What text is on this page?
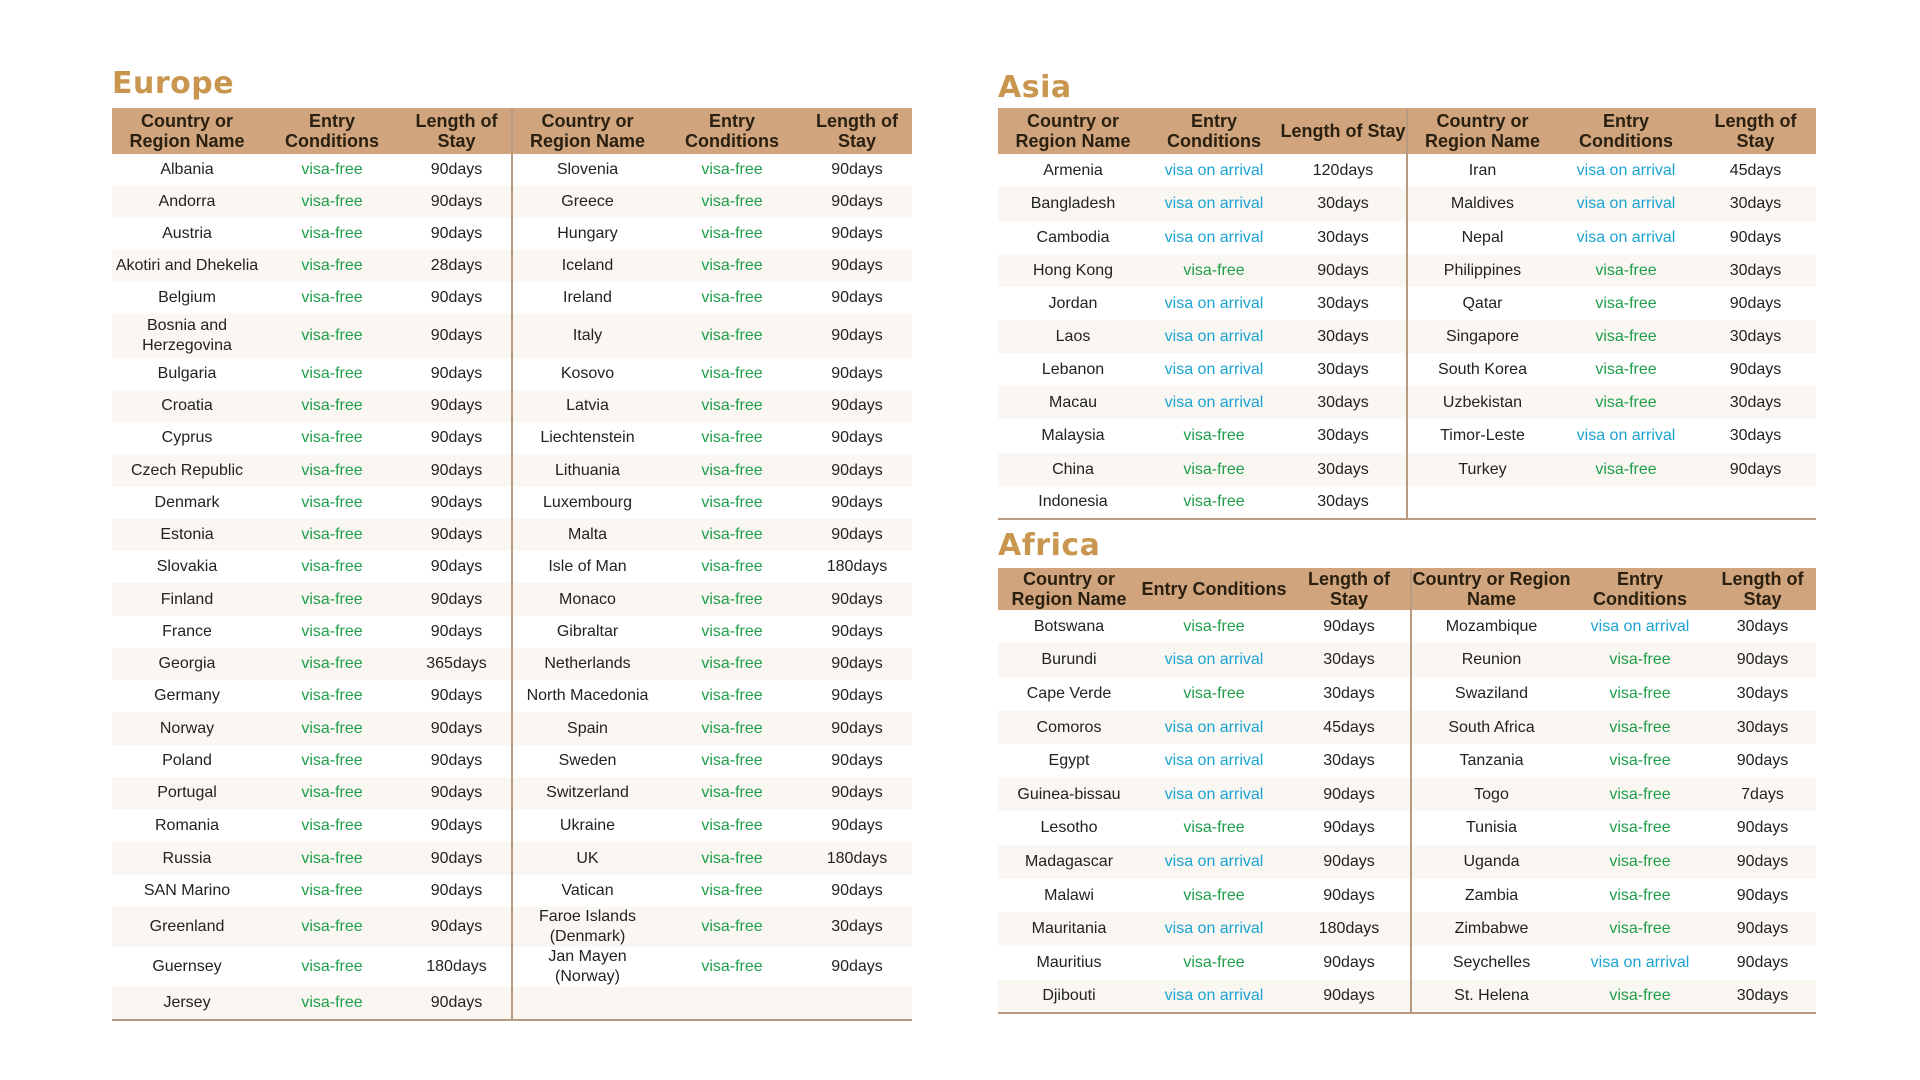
Europe
Country or Region Name	Entry Conditions	Length of Stay	Country or Region Name	Entry Conditions	Length of Stay
Albania	visa-free	90days	Slovenia	visa-free	90days
Andorra	visa-free	90days	Greece	visa-free	90days
Austria	visa-free	90days	Hungary	visa-free	90days
Akotiri and Dhekelia	visa-free	28days	Iceland	visa-free	90days
Belgium	visa-free	90days	Ireland	visa-free	90days
Bosnia and Herzegovina	visa-free	90days	Italy	visa-free	90days
Bulgaria	visa-free	90days	Kosovo	visa-free	90days
Croatia	visa-free	90days	Latvia	visa-free	90days
Cyprus	visa-free	90days	Liechtenstein	visa-free	90days
Czech Republic	visa-free	90days	Lithuania	visa-free	90days
Denmark	visa-free	90days	Luxembourg	visa-free	90days
Estonia	visa-free	90days	Malta	visa-free	90days
Slovakia	visa-free	90days	Isle of Man	visa-free	180days
Finland	visa-free	90days	Monaco	visa-free	90days
France	visa-free	90days	Gibraltar	visa-free	90days
Georgia	visa-free	365days	Netherlands	visa-free	90days
Germany	visa-free	90days	North Macedonia	visa-free	90days
Norway	visa-free	90days	Spain	visa-free	90days
Poland	visa-free	90days	Sweden	visa-free	90days
Portugal	visa-free	90days	Switzerland	visa-free	90days
Romania	visa-free	90days	Ukraine	visa-free	90days
Russia	visa-free	90days	UK	visa-free	180days
SAN Marino	visa-free	90days	Vatican	visa-free	90days
Greenland	visa-free	90days	Faroe Islands (Denmark)	visa-free	30days
Guernsey	visa-free	180days	Jan Mayen (Norway)	visa-free	90days
Jersey	visa-free	90days			
Asia
Country or Region Name	Entry Conditions	Length of Stay	Country or Region Name	Entry Conditions	Length of Stay
Armenia	visa on arrival	120days	Iran	visa on arrival	45days
Bangladesh	visa on arrival	30days	Maldives	visa on arrival	30days
Cambodia	visa on arrival	30days	Nepal	visa on arrival	90days
Hong Kong	visa-free	90days	Philippines	visa-free	30days
Jordan	visa on arrival	30days	Qatar	visa-free	90days
Laos	visa on arrival	30days	Singapore	visa-free	30days
Lebanon	visa on arrival	30days	South Korea	visa-free	90days
Macau	visa on arrival	30days	Uzbekistan	visa-free	30days
Malaysia	visa-free	30days	Timor-Leste	visa on arrival	30days
China	visa-free	30days	Turkey	visa-free	90days
Indonesia	visa-free	30days			
Africa
Country or Region Name	Entry Conditions	Length of Stay	Country or Region Name	Entry Conditions	Length of Stay
Botswana	visa-free	90days	Mozambique	visa on arrival	30days
Burundi	visa on arrival	30days	Reunion	visa-free	90days
Cape Verde	visa-free	30days	Swaziland	visa-free	30days
Comoros	visa on arrival	45days	South Africa	visa-free	30days
Egypt	visa on arrival	30days	Tanzania	visa-free	90days
Guinea-bissau	visa on arrival	90days	Togo	visa-free	7days
Lesotho	visa-free	90days	Tunisia	visa-free	90days
Madagascar	visa on arrival	90days	Uganda	visa-free	90days
Malawi	visa-free	90days	Zambia	visa-free	90days
Mauritania	visa on arrival	180days	Zimbabwe	visa-free	90days
Mauritius	visa-free	90days	Seychelles	visa on arrival	90days
Djibouti	visa on arrival	90days	St. Helena	visa-free	30days
